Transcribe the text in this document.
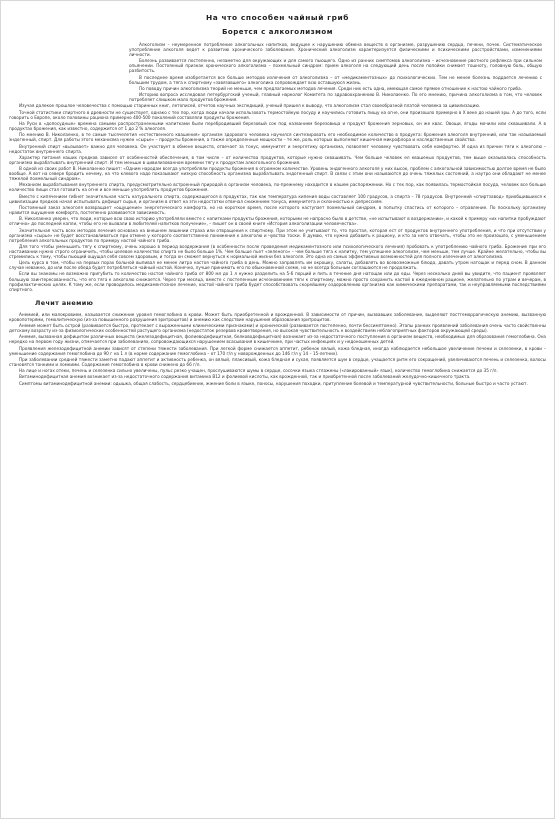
На что способен чайный гриб
Борется с алкоголизмом

Алкоголизм – неумеренное потребление алкогольных напитков, ведущее к нарушению обмена веществ в организме, разрушению сердца, печени, почек. Систематическое употребление алкоголя ведет к развитию хронического заболевания. Хронический алкоголизм характеризуется физическими и психическими расстройствами, изменениями личности.

Болезнь развивается постепенно, незаметно для окружающих и для самого пьющего. Одно из ранних симптомов алкоголизма – исчезновение рвотного рефлекса при сильном опьянении. Постоянный признак хронического алкоголизма – похмельный синдром: прием алкоголя на следующий день после попойки снимает тошноту, головную боль, общую разбитость.

В последнее время изобретается все больше методов излечения от алкоголизма – от «медикаментозных» до психологических. Тем не менее болезнь поддается лечению с большим трудом, а тяга к спиртному «завязавшего» алкоголика сопровождает всю оставшуюся жизнь.

По поводу причин алкоголизма теорий не меньше, чем предлагаемых методов лечения. Среди них есть одна, имеющая самое прямое отношение к настою чайного гриба.

Историю вопроса исследовал петербургский ученый, главный нарколог Комитета по здравоохранению В. Николаенко. По его мнению, причина алкоголизма в том, что человек потребляет слишком мало продуктов брожения.

Изучая далекое прошлое человечества с помощью старинных книг, летописей, отчетов научных экспедиций, ученый пришел к выводу, что алкоголизм стал своеобразной платой человека за цивилизацию.

Точной статистики спиртного в древности не существует, однако с тех пор, когда люди начали использовать термостойкую посуду и научились готовить пищу на огне, они произошло примерно в X веке до нашей эры. А до того, если говорить о Европе, около половины рациона примерно 400-500 поколений составляли продукты брожения.

На Руси в «допосудные» времена самыми распространенными напитками были перебродивший березовый сок под названием березовица и продукт брожения зерновых, он же квас. Овощи, ягоды мочили или сквашивали. А в продуктах брожения, как известно, содержится от 1 до 2 % алкоголя.

По мнению В. Николаенко, в те самые тысячелетия «естественного квашения» организм здорового человека научился синтезировать его необходимое количество в продукта: брожения алкоголя внутренний, или так называемый эндогенный, спирт. Для работы этого механизма нужен «сырье» – продукты брожения, а также определенные мощности – те же, роль которых выполняют кишечная микрофлора и наследственные свойства.

Внутренний спирт «вызывает» важно для человека. Он участвует в обмене веществ, отвечает за тонус, иммунитет и энергетику организма, позволяет человеку чувствовать себя комфортно. И одна из причин тяги к алкоголю – недостаток внутреннего спирта.

Характер питания наших предков зависел от особенностей обеспечения, в том числе – от количества продуктов, которые нужно сквашивать. Чем больше человек ел квашеных продуктов, тем выше оказывалась способность организма вырабатывать внутренний спирт. И тем меньше в цивилизованном времени тягу к продуктам алкогольного брожения.

В одной из своих работ В. Николаенко пишет: «Одним народам всегда употребляли продукты брожения в огромном количестве. Уровень эндогенного алкоголя у них высок, проблем с алкогольной зависимостью долгое время не было вообще. А вот на севере бродить нечему, на что клевого надо показывают низкую способность организма вырабатывать эндогенный спирт. В связи с этим они называются до очень тяжелых состояний, а наутро они обладают не менее тяжелой похмельный синдром».

Механизм вырабатывания внутреннего спирта, предусмотрительно встроенный природой в организм человека, по-прежнему находится в нашем распоряжении. Но с тех пор, как появилась термостойкая посуда, человек все больше количество пищи стал готовить на огне и все меньше употреблять продуктов брожения.

Вместе с кипячением гибнет значительная часть натурального спирта, содержащегося в продуктах, так как температура кипения воды составляет 100 градусов, а спирта – 78 градусов. Внутренний «спиртзавод» приобщившихся к цивилизации предков начал испытывать дефицит сырья, и организм в ответ на эти недостатки отвечал снижением тонуса, иммунитета и склонностью к депрессиям.

Постоянный заказ алкоголя возвращает «ощущение» энергетического комфорта, но на короткое время, после которого наступает похмельный синдром, в попытку спастись от которого – отравление. По поскольку организму нравится ощущение комфорта, постепенно развивается зависимость.

В. Николаенко уверен, что люди, которые всю свою историю употребляли вместе с напитками продукты брожения, которыми не напрасно было в детстве, «не испытывают в воздержании», и какой к примеру «их напитки пробуждают отлично» до последней капли, чтобы его не вызвали в любителей напитков получение», – пишет он в своей книге «История алкоголизации человечества».

Значительная часть всех методов лечения основана на внешнем лишении страха или отвращения к спиртному. При этом не учитывают то, что простая, которая ест от продуктов внутреннего употребления, и что при отсутствии у организма «сырье» не будет восстанавливаться при отмене у которого соответственно понижения к алкоголю и чувства тоски. Я думаю, что нужно добавить к рациону, и кто за него отвечать, чтобы это не произошло, с уменьшением потребления алкогольных продуктов по примеру настой чайного гриба.

Для того чтобы уменьшить тягу к спиртному, очень хорошо в период воздержания (в особенности после проведения медикаментозного или психологического лечения) пробовать к употреблению чайного гриба. Брожение при его настаивании нужно строго ограничить, чтобы целевое количество спирта не было больше 1%. Чем больше пьет «зеленого» – чем больше тяга к напитку, тем успешнее алкоголизм, чем меньше, тем лучше. Крайне желательно, чтобы вы стремились к тому, чтобы пьющий ощущал себя совсем здоровым, и тогда он сможет вернуться к нормальной жизни без алкоголя. Это одна из самых эффективных возможностей для полного излечения от алкоголизма.

Цель курса в том, чтобы на первых порах больной выпивал не менее литра настоя чайного гриба в день. Можно заправлять им окрошку, салаты, добавлять во всевозможные блюда, давать утром натощак и перед сном. В данном случае неважно, до или после обеда будет потребляться чайный настой. Конечно, лучше принимать его по обыкновенной схеме, но не всегда больным соглашаются не продолжать.

Если вы знакомы не возможно пригубить то количество настоя чайного гриба от 800 мл до 1 л нужно разделить на 5-6 порций и пить в течение дня натощак или до еды. Через несколько дней вы увидите, что пациент проявляет большую заинтересованность, что его тяга к алкоголю снижается. Через три месяца, вместе с постепенным исчезновением тяги к спиртному, можно просто сохранить настой в ежедневном рационе, желательно по утрам и вечерам, в профилактических целях. К тому же, если проводилось медикаментозное лечение, настой чайного гриба будет способствовать скорейшему оздоровлению организма как химическими препаратами, так и неуправляемыми последствиями спиртного.

Лечит анемию

Анемией, или малокровием, называется снижение уровня гемоглобина в крови. Может быть приобретенной и врожденной. В зависимости от причин, вызвавших заболевание, выделяют постгеморрагическую анемию, вызванную кровопотерями, гемолитическую (из-за повышенного разрушения эритроцитов) и анемию как следствие нарушения образования эритроцитов.

Анемия может быть острой (развивается быстро, протекает с выраженными клиническими признаками) и хронической (развивается постепенно, почти бессимптомно). Этапы ранних проявлений заболевания очень часто свойственны детскому возрасту из-за физиологических особенностей растущего организма (недостаток резервов кроветворения, но высокая чувствительность к воздействиям неблагоприятных факторов окружающей среды).

Анемия, вызванная дефицитом различных веществ (железодефицитная, фолиеводефицитная, белководефицитная) возникает из-за недостаточного поступления в организм веществ, необходимых для образования гемоглобина. Она нередко на первом году жизни, отмечается при заболеваниях, сопровождающихся нарушением всасывания в кишечнике, при частых инфекциях и у недоношенных детей.

Проявления железодефицитной анемии зависят от степени тяжести заболевания. При легкой форме снижается аппетит, ребенок вялый, кожа бледная, иногда наблюдается небольшое увеличение печени и селезенки, в крови – уменьшение содержания гемоглобина до 90 г на 1 л (в норме содержание гемоглобина – от 170 г/л у новорожденных до 146 г/л у 14 – 15-летних).

При заболевании средней тяжести заметно падают аппетит и активность ребенка, он вялый, плаксивый, кожа бледная и сухая, появляется шум в сердце, учащается ритм его сокращений, увеличиваются печень и селезенка, волосы становятся тонкими и ломкими. Содержание гемоглобина в крови снижено до 66 г/л.

На лице и ногах отеки, печень и селезенка сильно увеличены, пульс резко учащен, прослушиваются шумы в сердце, сосочки языка сглажены («лакированный» язык), количество гемоглобина снижается до 35 г/л.

Витаминодефицитная анемия возникает из-за недостаточного содержания витамина В12 и фолиевой кислоты, как врожденной, так и приобретенной после заболеваний желудочно-кишечного тракта.

Симптомы витаминодефицитной анемии: одышка, общая слабость, сердцебиение, жжение боли в языке, поносы, нарушения походки, притупление болевой и температурной чувствительности, больные быстро и часто устают.
